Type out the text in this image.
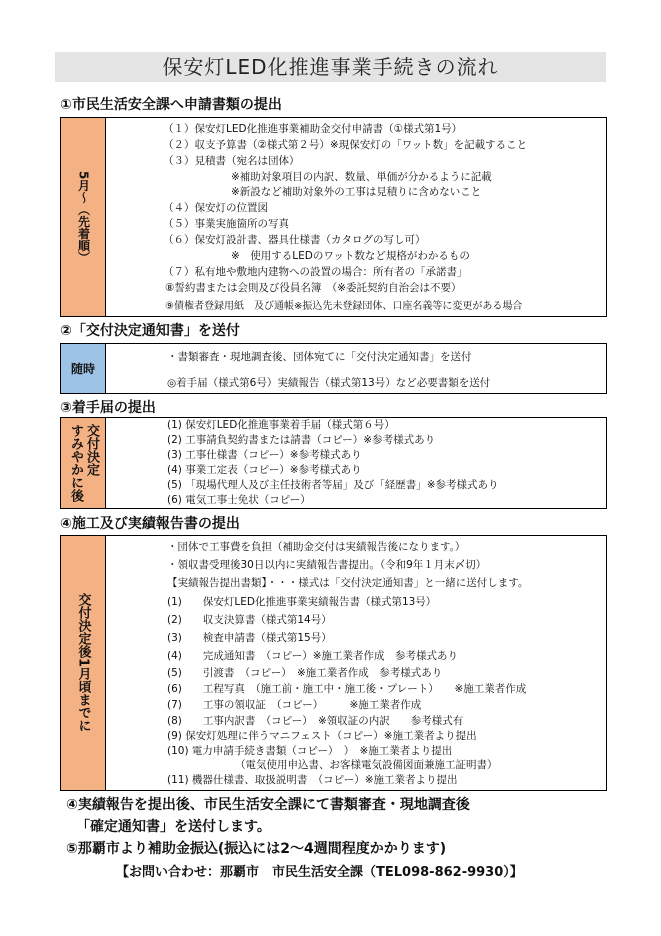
保安灯LED化推進事業手続きの流れ
①市民生活安全課へ申請書類の提出
5月～（先着順）
（１）保安灯LED化推進事業補助金交付申請書（①様式第1号）
（２）収支予算書（②様式第２号）※現保安灯の「ワット数」を記載すること
（３）見積書（宛名は団体）
※補助対象項目の内訳、数量、単価が分かるように記載
※新設など補助対象外の工事は見積りに含めないこと
（４）保安灯の位置図
（５）事業実施箇所の写真
（６）保安灯設計書、器具仕様書（カタログの写し可）
※　使用するLEDのワット数など規格がわかるもの
（７）私有地や敷地内建物への設置の場合：所有者の「承諾書」
⑧誓約書または会則及び役員名簿　（※委託契約自治会は不要）
⑨債権者登録用紙　及び通帳※振込先未登録団体、口座名義等に変更がある場合
②「交付決定通知書」を送付
随時
・書類審査・現地調査後、団体宛てに「交付決定通知書」を送付
◎着手届（様式第6号）実績報告（様式第13号）など必要書類を送付
③着手届の提出
交付決定
すみやかに後	(1) 保安灯LED化推進事業着手届（様式第６号）
(2) 工事請負契約書または請書（コピー）※参考様式あり
(3) 工事仕様書（コピー）※参考様式あり
(4) 事業工定表（コピー）※参考様式あり
(5) 「現場代理人及び主任技術者等届」及び「経歴書」※参考様式あり
(6) 電気工事士免状（コピー）
④施工及び実績報告書の提出
交付決定後1月頃までに
・団体で工事費を負担（補助金交付は実績報告後になります。）
・領収書受理後30日以内に実績報告書提出。（令和9年１月末〆切）
【実績報告提出書類】・・・様式は「交付決定通知書」と一緒に送付します。
(1)　　保安灯LED化推進事業実績報告書（様式第13号）
(2)　　収支決算書（様式第14号）
(3)　　検査申請書（様式第15号）
(4)　　完成通知書　（コピー）※施工業者作成　参考様式あり
(5)　　引渡書　（コピー）　※施工業者作成　参考様式あり
(6)　　工程写真　（施工前・施工中・施工後・プレート）　　※施工業者作成
(7)　　工事の領収証　（コピー）　　　※施工業者作成
(8)　　工事内訳書　（コピー）　※領収証の内訳　　参考様式有
(9) 保安灯処理に伴うマニフェスト（コピー）※施工業者より提出
(10) 電力申請手続き書類（コピー）　）　※施工業者より提出
（電気使用申込書、お客様電気設備図面兼施工証明書）
(11) 機器仕様書、取扱説明書　（コピー）※施工業者より提出
④実績報告を提出後、市民生活安全課にて書類審査・現地調査後
「確定通知書」を送付します。
⑤那覇市より補助金振込(振込には2～4週間程度かかります)
【お問い合わせ：那覇市　市民生活安全課（TEL098-862-9930）】
